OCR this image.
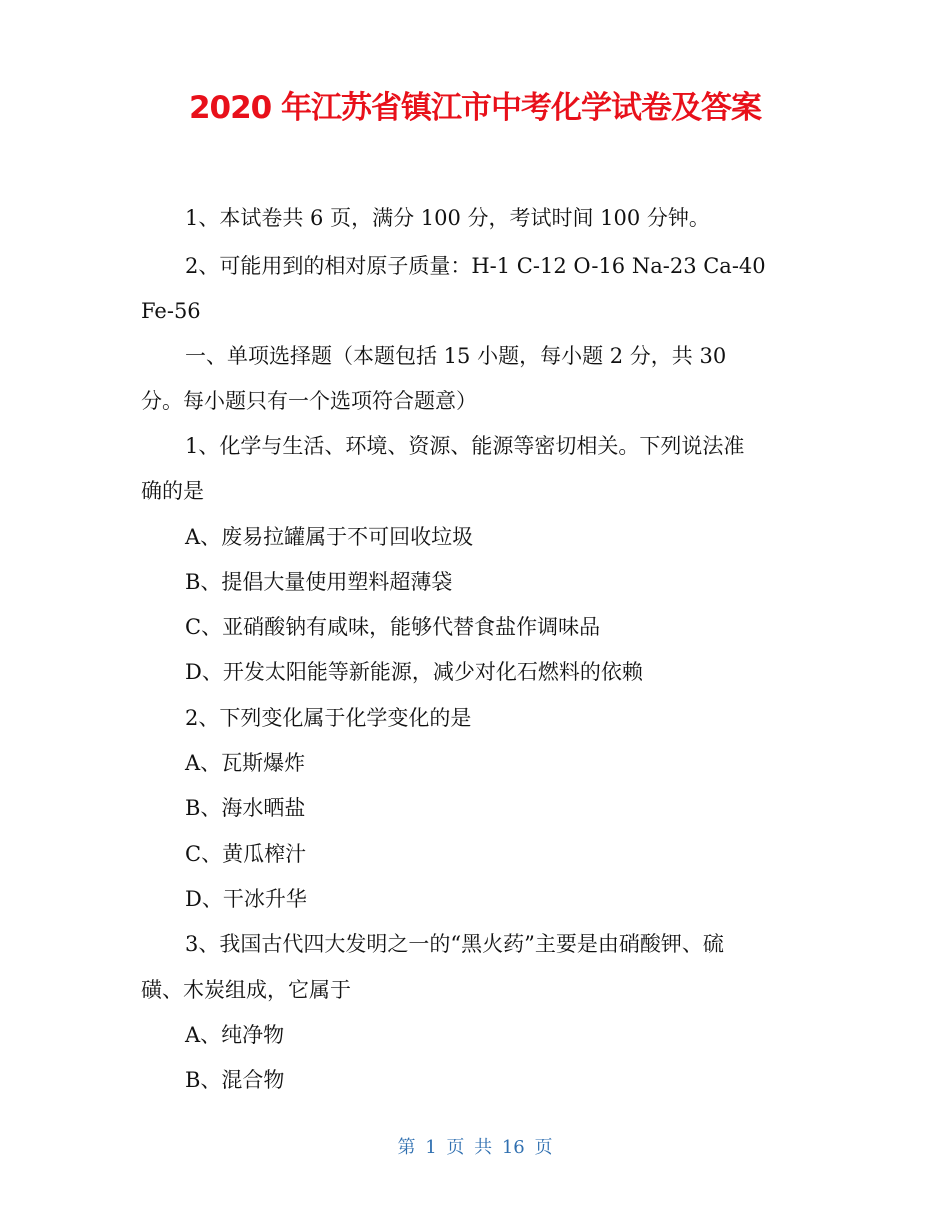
2020 年江苏省镇江市中考化学试卷及答案

1、本试卷共 6 页，满分 100 分，考试时间 100 分钟。

2、可能用到的相对原子质量：H-1 C-12 O-16 Na-23 Ca-40

Fe-56

一、单项选择题（本题包括 15 小题，每小题 2 分，共 30

分。每小题只有一个选项符合题意）

1、化学与生活、环境、资源、能源等密切相关。下列说法准

确的是

A、废易拉罐属于不可回收垃圾

B、提倡大量使用塑料超薄袋

C、亚硝酸钠有咸味，能够代替食盐作调味品

D、开发太阳能等新能源，减少对化石燃料的依赖

2、下列变化属于化学变化的是

A、瓦斯爆炸

B、海水晒盐

C、黄瓜榨汁

D、干冰升华

3、我国古代四大发明之一的“黑火药”主要是由硝酸钾、硫

磺、木炭组成，它属于

A、纯净物

B、混合物

第 1 页 共 16 页
